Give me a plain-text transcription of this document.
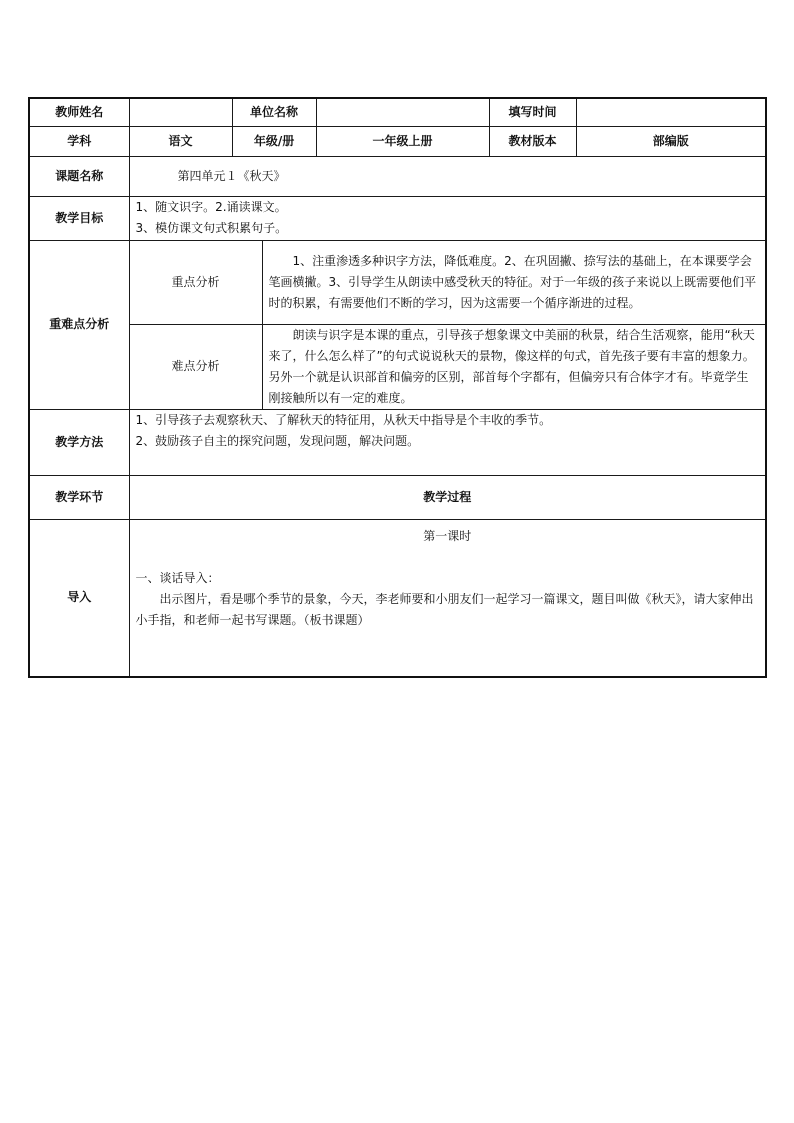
教师姓名		单位名称			填写时间	
学科	语文	年级/册		一年级上册	教材版本	部编版
课题名称	第四单元１《秋天》					
教学目标	1、随文识字。2.诵读课文。
3、模仿课文句式积累句子。					

重难点分析	重点分析		1、注重渗透多种识字方法，降低难度。2、在巩固撇、捺写法的基础上，在本课要学会笔画横撇。3、引导学生从朗读中感受秋天的特征。对于一年级的孩子来说以上既需要他们平时的积累，有需要他们不断的学习，因为这需要一个循序渐进的过程。			
	难点分析		朗读与识字是本课的重点，引导孩子想象课文中美丽的秋景，结合生活观察，能用“秋天来了，什么怎么样了”的句式说说秋天的景物，像这样的句式，首先孩子要有丰富的想象力。另外一个就是认识部首和偏旁的区别，部首每个字都有，但偏旁只有合体字才有。毕竟学生刚接触所以有一定的难度。			
教学方法	1、引导孩子去观察秋天、了解秋天的特征用，从秋天中指导是个丰收的季节。
2、鼓励孩子自主的探究问题，发现问题，解决问题。					

教学环节	教学过程					
导入	第一课时
一、谈话导入：
出示图片，看是哪个季节的景象，今天，李老师要和小朋友们一起学习一篇课文，题目叫做《秋天》，请大家伸出小手指，和老师一起书写课题。（板书课题）					
